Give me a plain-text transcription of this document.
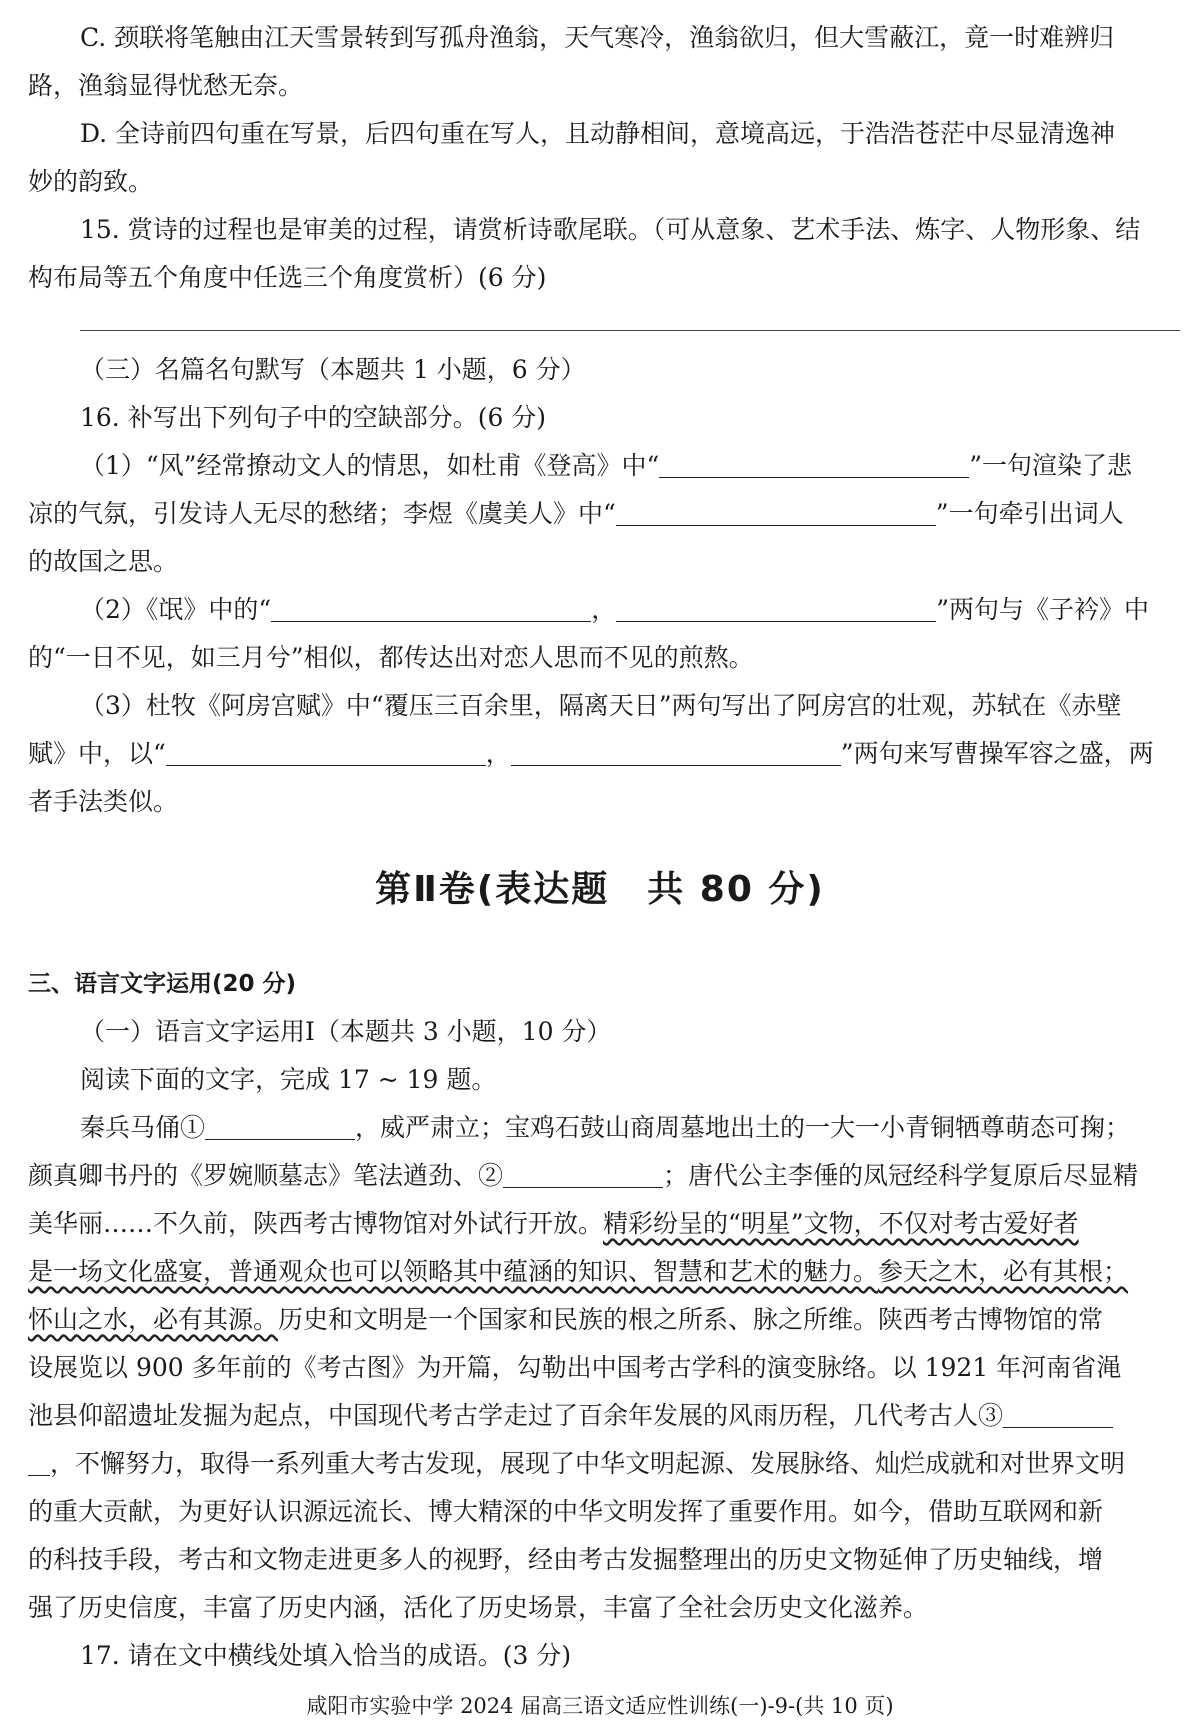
C. 颈联将笔触由江天雪景转到写孤舟渔翁，天气寒冷，渔翁欲归，但大雪蔽江，竟一时难辨归
路，渔翁显得忧愁无奈。
D. 全诗前四句重在写景，后四句重在写人，且动静相间，意境高远，于浩浩苍茫中尽显清逸神
妙的韵致。
15. 赏诗的过程也是审美的过程，请赏析诗歌尾联。（可从意象、艺术手法、炼字、人物形象、结
构布局等五个角度中任选三个角度赏析）(6 分)
（三）名篇名句默写（本题共 1 小题，6 分）
16. 补写出下列句子中的空缺部分。(6 分)
（1）“风”经常撩动文人的情思，如杜甫《登高》中“	”一句渲染了悲
凉的气氛，引发诗人无尽的愁绪；李煜《虞美人》中“	”一句牵引出词人
的故国之思。
（2）《氓》中的“	，	”两句与《子衿》中
的“一日不见，如三月兮”相似，都传达出对恋人思而不见的煎熬。
（3）杜牧《阿房宫赋》中“覆压三百余里，隔离天日”两句写出了阿房宫的壮观，苏轼在《赤壁
赋》中，以“	，	”两句来写曹操军容之盛，两
者手法类似。
第Ⅱ卷(表达题　共 80 分)
三、语言文字运用(20 分)
（一）语言文字运用Ⅰ（本题共 3 小题，10 分）
阅读下面的文字，完成 17 ~ 19 题。
秦兵马俑①	，威严肃立；宝鸡石鼓山商周墓地出土的一大一小青铜牺尊萌态可掬；
颜真卿书丹的《罗婉顺墓志》笔法遒劲、②	；唐代公主李倕的凤冠经科学复原后尽显精
美华丽……不久前，陕西考古博物馆对外试行开放。精彩纷呈的“明星”文物，不仅对考古爱好者
是一场文化盛宴，普通观众也可以领略其中蕴涵的知识、智慧和艺术的魅力。参天之木，必有其根；
怀山之水，必有其源。历史和文明是一个国家和民族的根之所系、脉之所维。陕西考古博物馆的常
设展览以 900 多年前的《考古图》为开篇，勾勒出中国考古学科的演变脉络。以 1921 年河南省渑
池县仰韶遗址发掘为起点，中国现代考古学走过了百余年发展的风雨历程，几代考古人③
，不懈努力，取得一系列重大考古发现，展现了中华文明起源、发展脉络、灿烂成就和对世界文明
的重大贡献，为更好认识源远流长、博大精深的中华文明发挥了重要作用。如今，借助互联网和新
的科技手段，考古和文物走进更多人的视野，经由考古发掘整理出的历史文物延伸了历史轴线，增
强了历史信度，丰富了历史内涵，活化了历史场景，丰富了全社会历史文化滋养。
17. 请在文中横线处填入恰当的成语。(3 分)
咸阳市实验中学 2024 届高三语文适应性训练(一)-9-(共 10 页)
